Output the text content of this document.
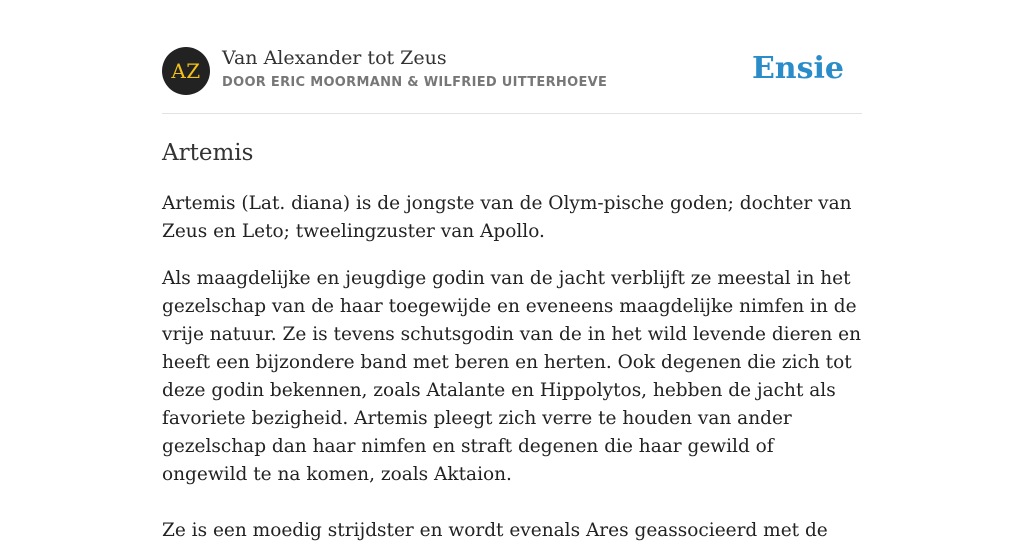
AZ
Van Alexander tot Zeus
DOOR ERIC MOORMANN & WILFRIED UITTERHOEVE	Ensie
Artemis

Artemis (Lat. diana) is de jongste van de Olym-pische goden; dochter van Zeus en Leto; tweelingzuster van Apollo.

Als maagdelijke en jeugdige godin van de jacht verblijft ze meestal in het gezelschap van de haar toegewijde en eveneens maagdelijke nimfen in de vrije natuur. Ze is tevens schutsgodin van de in het wild levende dieren en heeft een bijzondere band met beren en herten. Ook degenen die zich tot deze godin bekennen, zoals Atalante en Hippolytos, hebben de jacht als favoriete bezigheid. Artemis pleegt zich verre te houden van ander gezelschap dan haar nimfen en straft degenen die haar gewild of ongewild te na komen, zoals Aktaion.

Ze is een moedig strijdster en wordt evenals Ares geassocieerd met de
